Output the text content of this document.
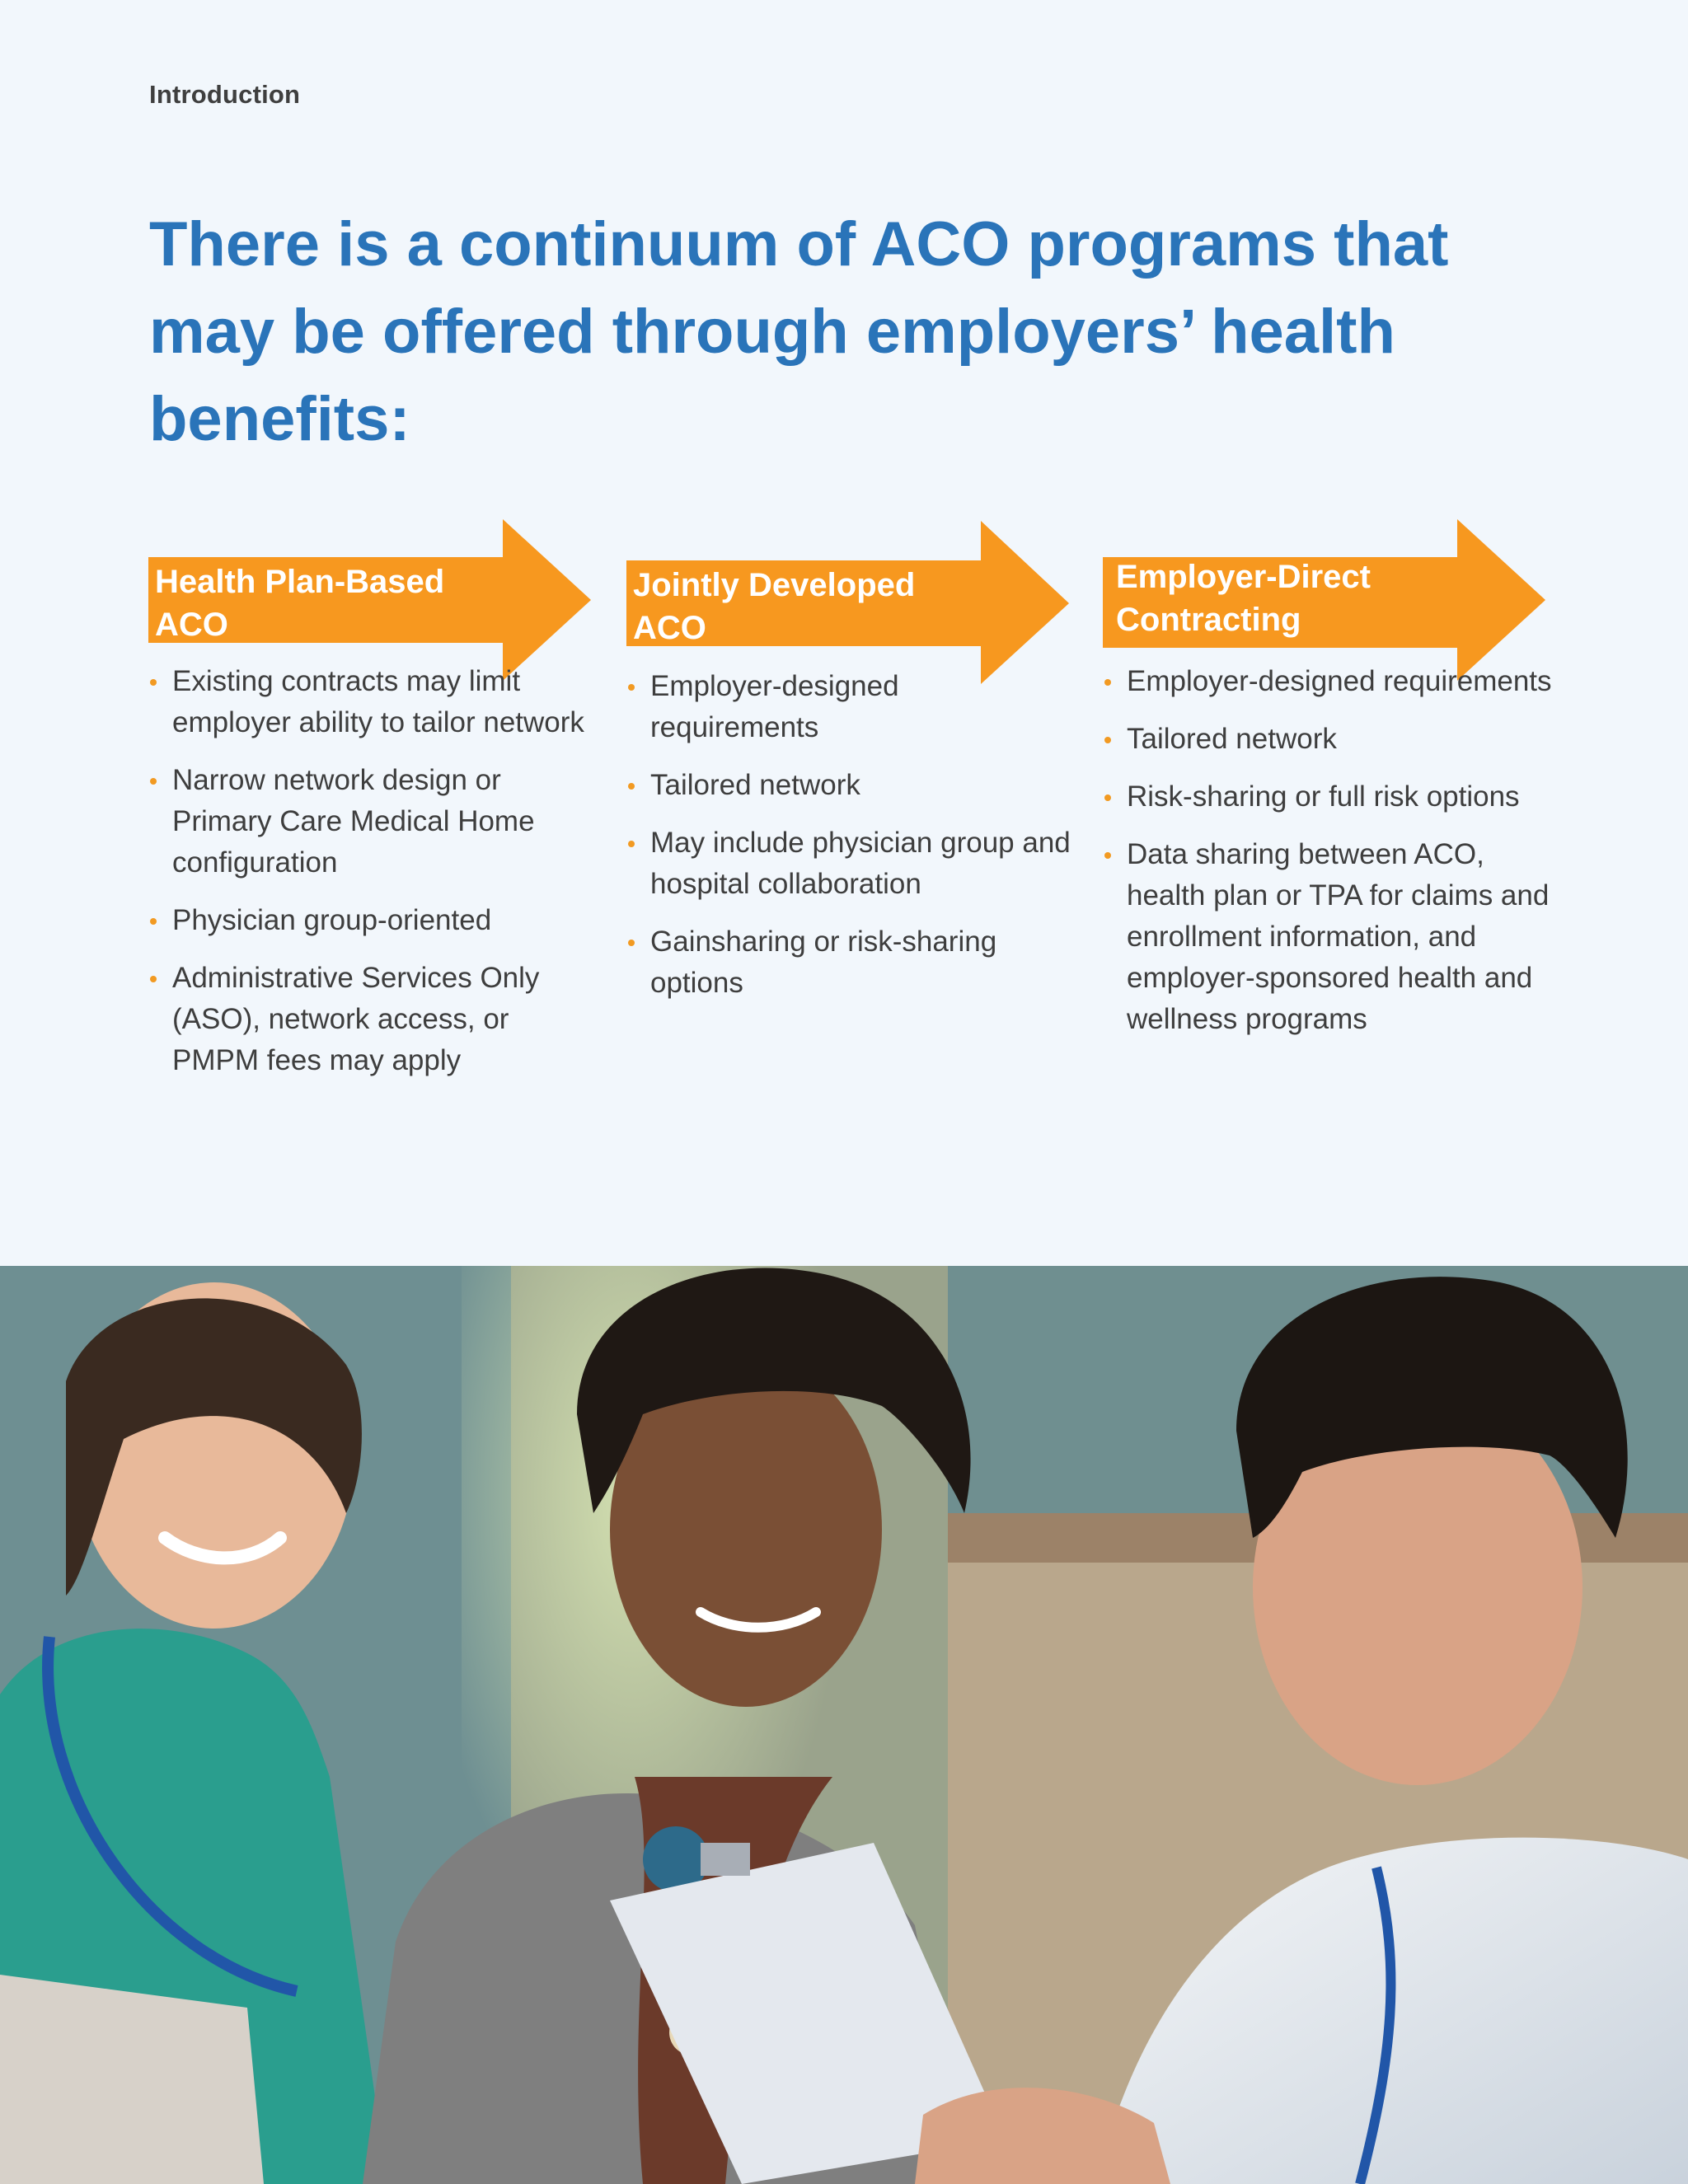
Introduction
There is a continuum of ACO programs that
may be offered through employers’ health
benefits:
Health Plan-Based ACO
Existing contracts may limit employer ability to tailor network
Narrow network design or Primary Care Medical Home configuration
Physician group-oriented
Administrative Services Only (ASO), network access, or PMPM fees may apply
Jointly Developed ACO
Employer-designed requirements
Tailored network
May include physician group and hospital collaboration
Gainsharing or risk-sharing options
Employer-Direct Contracting
Employer-designed requirements
Tailored network
Risk-sharing or full risk options
Data sharing between ACO, health plan or TPA for claims and enrollment information, and employer-sponsored health and wellness programs
